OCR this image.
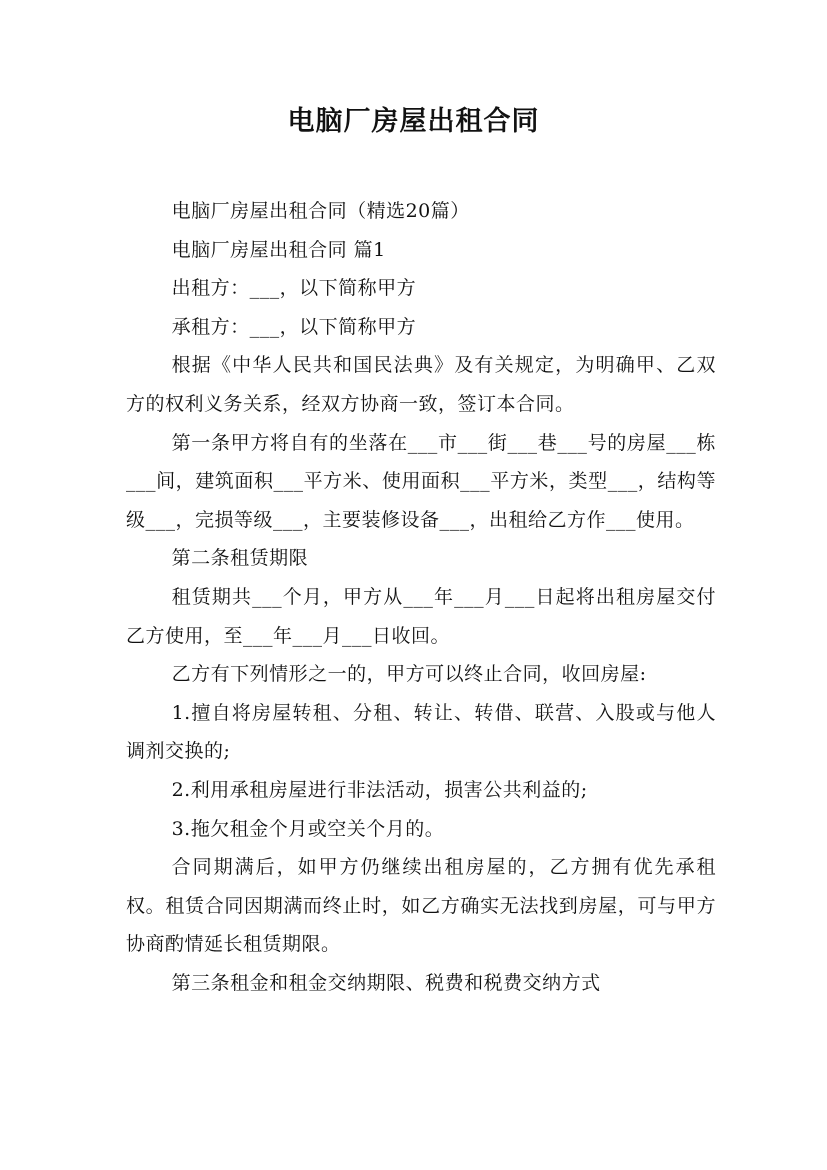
电脑厂房屋出租合同

电脑厂房屋出租合同（精选20篇）

电脑厂房屋出租合同 篇1

出租方：___，以下简称甲方

承租方：___，以下简称甲方

根据《中华人民共和国民法典》及有关规定，为明确甲、乙双方的权利义务关系，经双方协商一致，签订本合同。

第一条甲方将自有的坐落在___市___街___巷___号的房屋___栋___间，建筑面积___平方米、使用面积___平方米，类型___，结构等级___，完损等级___，主要装修设备___，出租给乙方作___使用。

第二条租赁期限

租赁期共___个月，甲方从___年___月___日起将出租房屋交付乙方使用，至___年___月___日收回。

乙方有下列情形之一的，甲方可以终止合同，收回房屋:

1.擅自将房屋转租、分租、转让、转借、联营、入股或与他人调剂交换的;

2.利用承租房屋进行非法活动，损害公共利益的;

3.拖欠租金个月或空关个月的。

合同期满后，如甲方仍继续出租房屋的，乙方拥有优先承租权。租赁合同因期满而终止时，如乙方确实无法找到房屋，可与甲方协商酌情延长租赁期限。

第三条租金和租金交纳期限、税费和税费交纳方式
